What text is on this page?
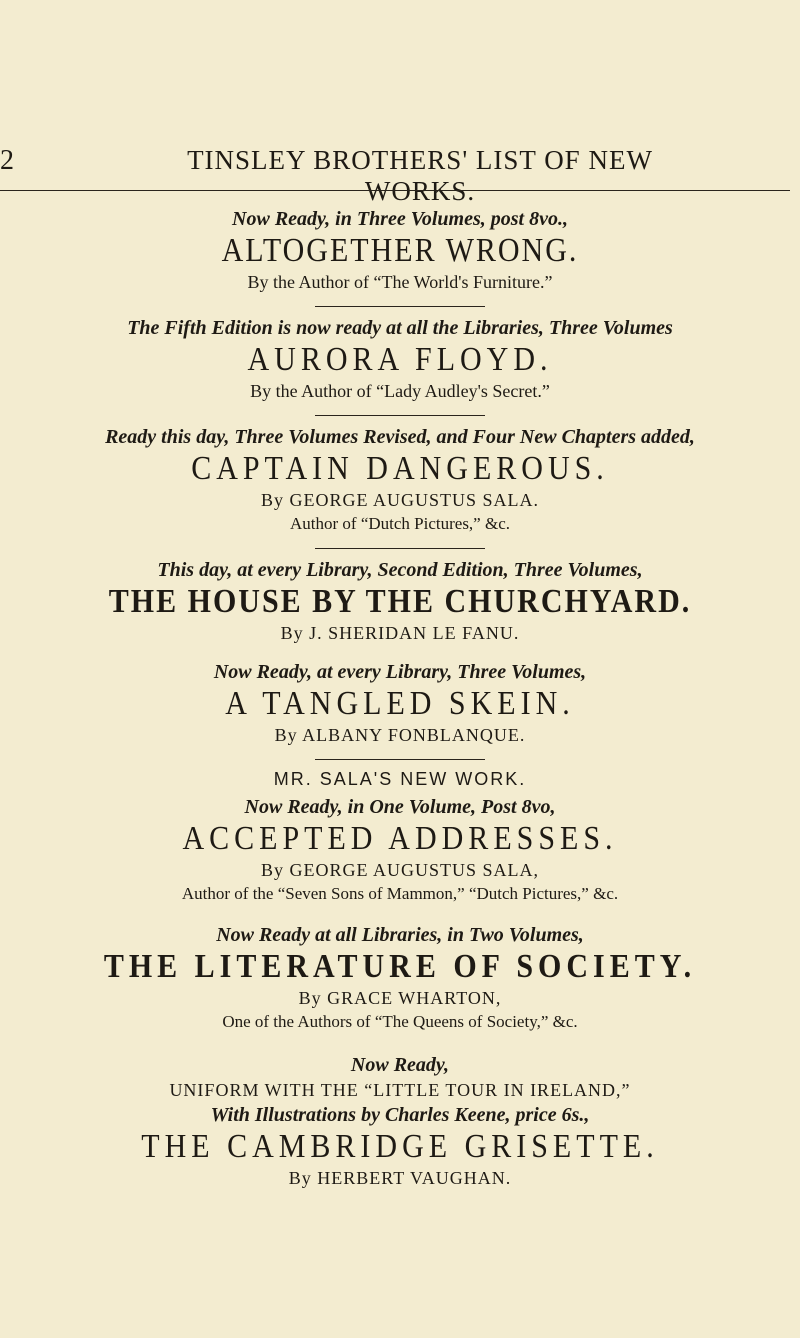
2	TINSLEY BROTHERS' LIST OF NEW WORKS.

Now Ready, in Three Volumes, post 8vo.,

ALTOGETHER WRONG.

By the Author of “The World's Furniture.”

The Fifth Edition is now ready at all the Libraries, Three Volumes

AURORA FLOYD.

By the Author of “Lady Audley's Secret.”

Ready this day, Three Volumes Revised, and Four New Chapters added,

CAPTAIN DANGEROUS.

By GEORGE AUGUSTUS SALA.

Author of “Dutch Pictures,” &c.

This day, at every Library, Second Edition, Three Volumes,

THE HOUSE BY THE CHURCHYARD.

By J. SHERIDAN LE FANU.

Now Ready, at every Library, Three Volumes,

A TANGLED SKEIN.

By ALBANY FONBLANQUE.

MR. SALA'S NEW WORK.

Now Ready, in One Volume, Post 8vo,

ACCEPTED ADDRESSES.

By GEORGE AUGUSTUS SALA,

Author of the “Seven Sons of Mammon,” “Dutch Pictures,” &c.

Now Ready at all Libraries, in Two Volumes,

THE LITERATURE OF SOCIETY.

By GRACE WHARTON,

One of the Authors of “The Queens of Society,” &c.

Now Ready,

UNIFORM WITH THE “LITTLE TOUR IN IRELAND,”

With Illustrations by Charles Keene, price 6s.,

THE CAMBRIDGE GRISETTE.

By HERBERT VAUGHAN.
